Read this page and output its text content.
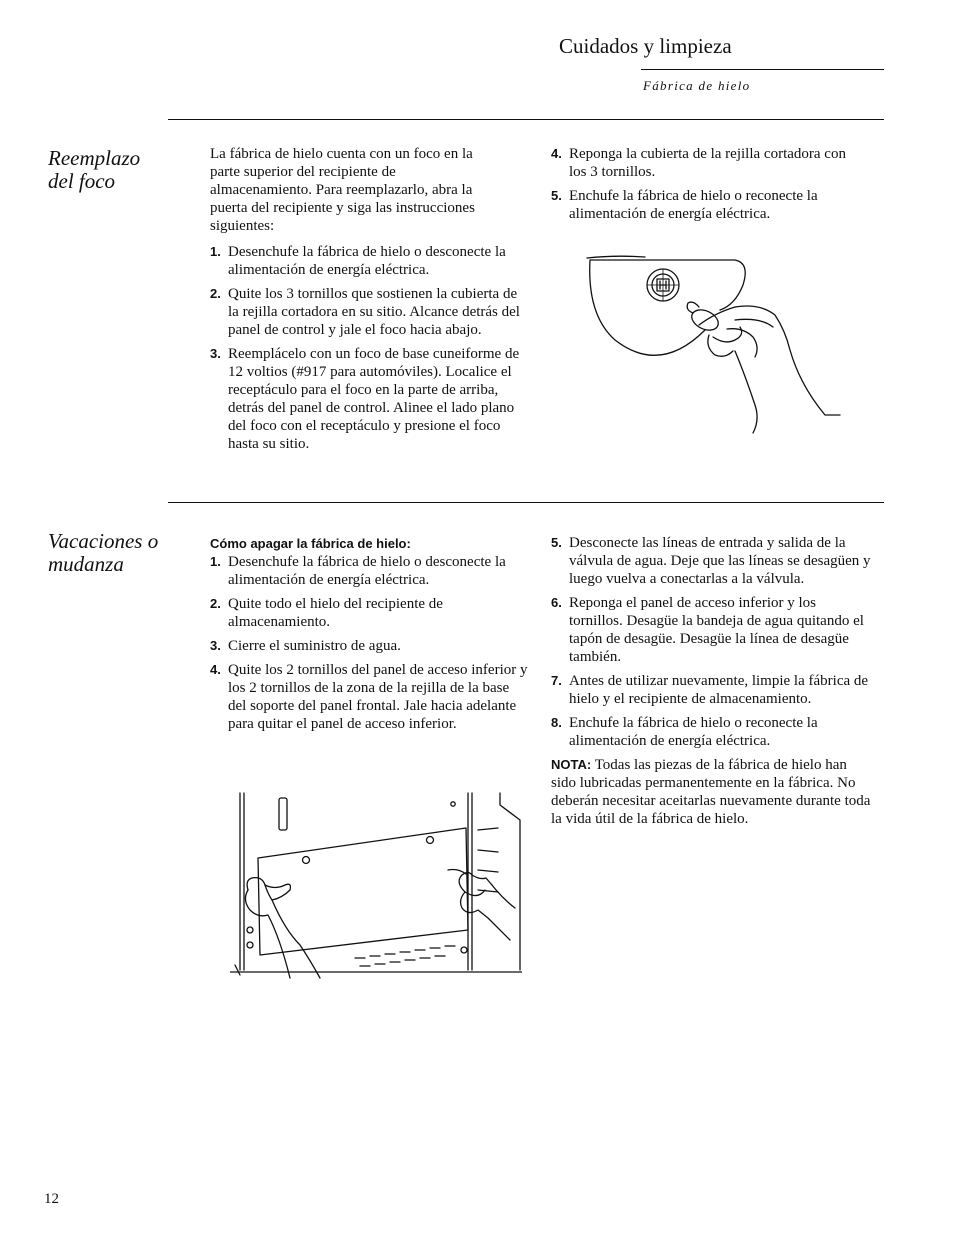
Cuidados y limpieza
Fábrica de hielo
Reemplazo
del foco

La fábrica de hielo cuenta con un foco en la parte superior del recipiente de almacenamiento. Para reemplazarlo, abra la puerta del recipiente y siga las instrucciones siguientes:

1. Desenchufe la fábrica de hielo o desconecte la alimentación de energía eléctrica.
2. Quite los 3 tornillos que sostienen la cubierta de la rejilla cortadora en su sitio. Alcance detrás del panel de control y jale el foco hacia abajo.
3. Reemplácelo con un foco de base cuneiforme de 12 voltios (#917 para automóviles). Localice el receptáculo para el foco en la parte de arriba, detrás del panel de control. Alinee el lado plano del foco con el receptáculo y presione el foco hasta su sitio.
4. Reponga la cubierta de la rejilla cortadora con los 3 tornillos.
5. Enchufe la fábrica de hielo o reconecte la alimentación de energía eléctrica.
Vacaciones o
mudanza

Cómo apagar la fábrica de hielo:

1. Desenchufe la fábrica de hielo o desconecte la alimentación de energía eléctrica.
2. Quite todo el hielo del recipiente de almacenamiento.
3. Cierre el suministro de agua.
4. Quite los 2 tornillos del panel de acceso inferior y los 2 tornillos de la zona de la rejilla de la base del soporte del panel frontal. Jale hacia adelante para quitar el panel de acceso inferior.
5. Desconecte las líneas de entrada y salida de la válvula de agua. Deje que las líneas se desagüen y luego vuelva a conectarlas a la válvula.
6. Reponga el panel de acceso inferior y los tornillos. Desagüe la bandeja de agua quitando el tapón de desagüe. Desagüe la línea de desagüe también.
7. Antes de utilizar nuevamente, limpie la fábrica de hielo y el recipiente de almacenamiento.
8. Enchufe la fábrica de hielo o reconecte la alimentación de energía eléctrica.

NOTA: Todas las piezas de la fábrica de hielo han sido lubricadas permanentemente en la fábrica. No deberán necesitar aceitarlas nuevamente durante toda la vida útil de la fábrica de hielo.

12
